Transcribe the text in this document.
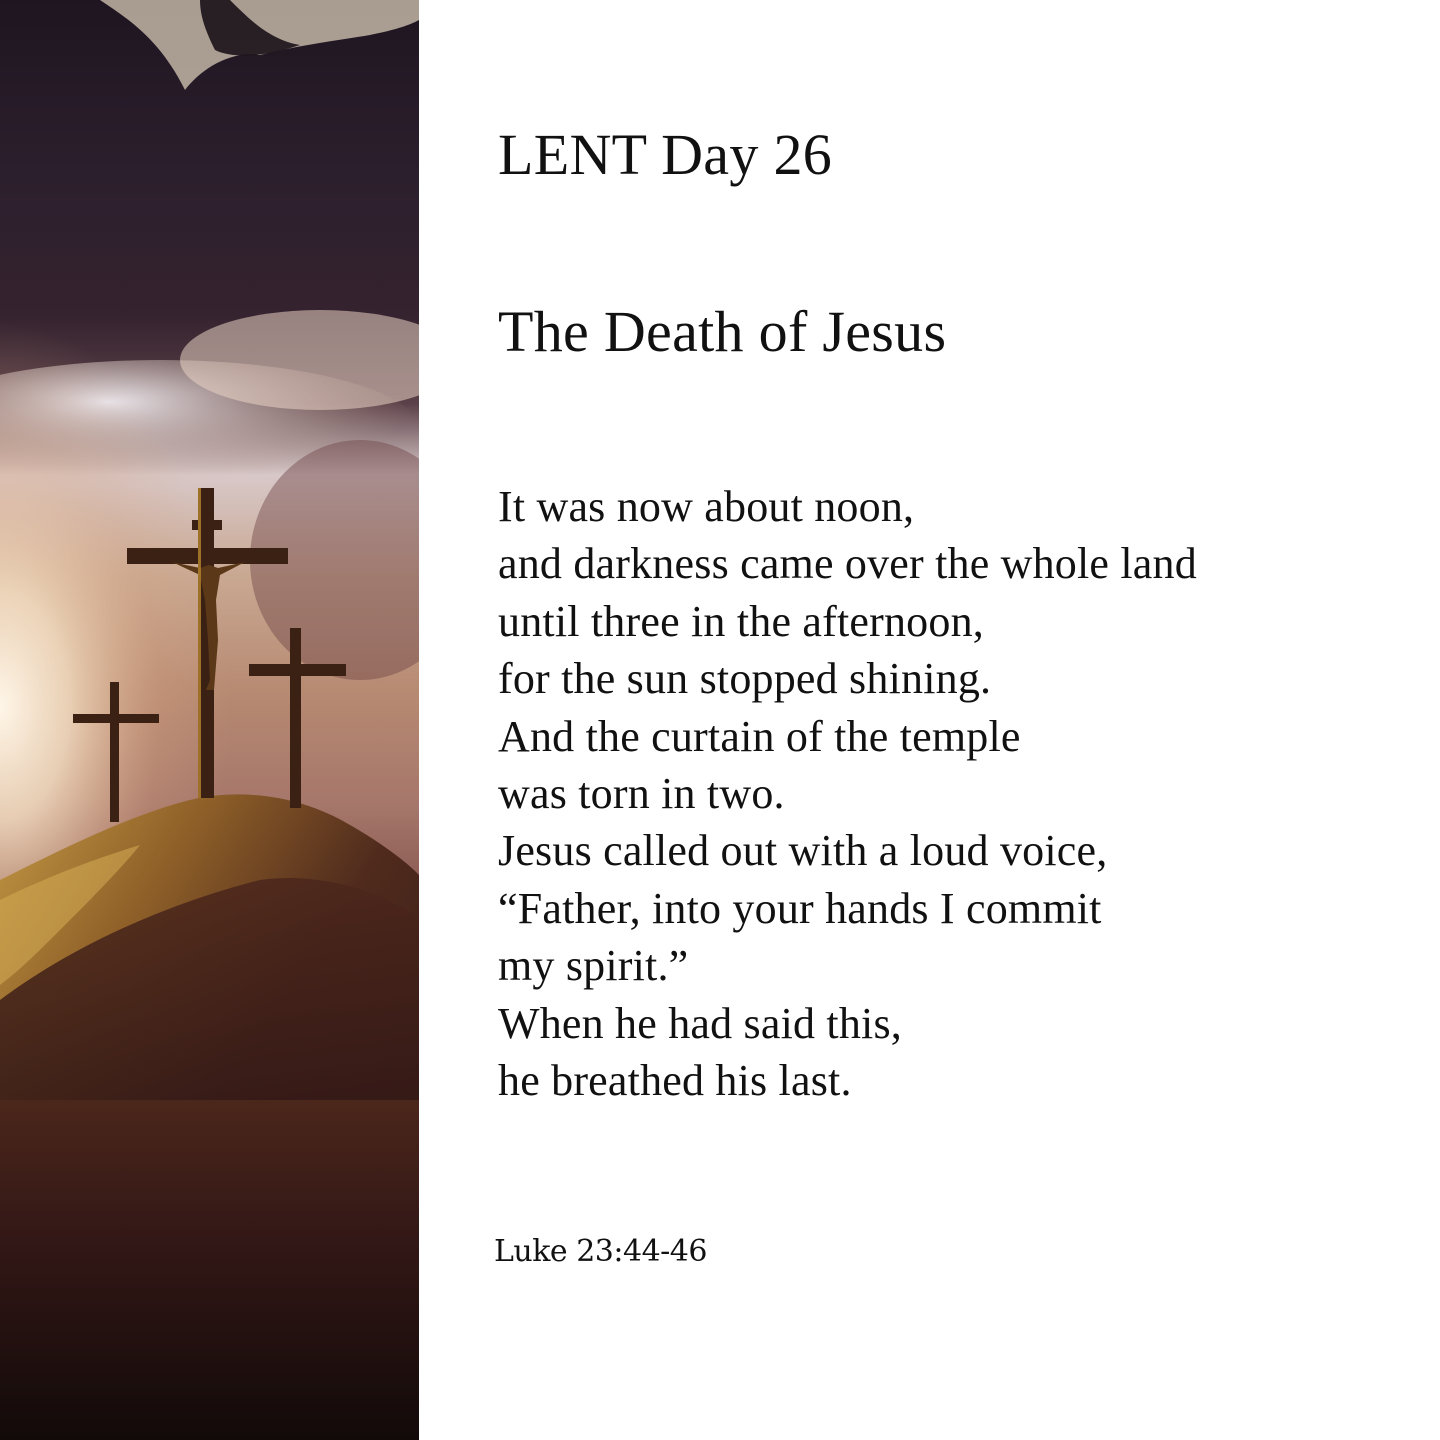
LENT Day 26
The Death of Jesus
It was now about noon,
and darkness came over the whole land
until three in the afternoon,
for the sun stopped shining.
And the curtain of the temple
was torn in two.
Jesus called out with a loud voice,
“Father, into your hands I commit
my spirit.”
When he had said this,
he breathed his last.
Luke 23:44-46
